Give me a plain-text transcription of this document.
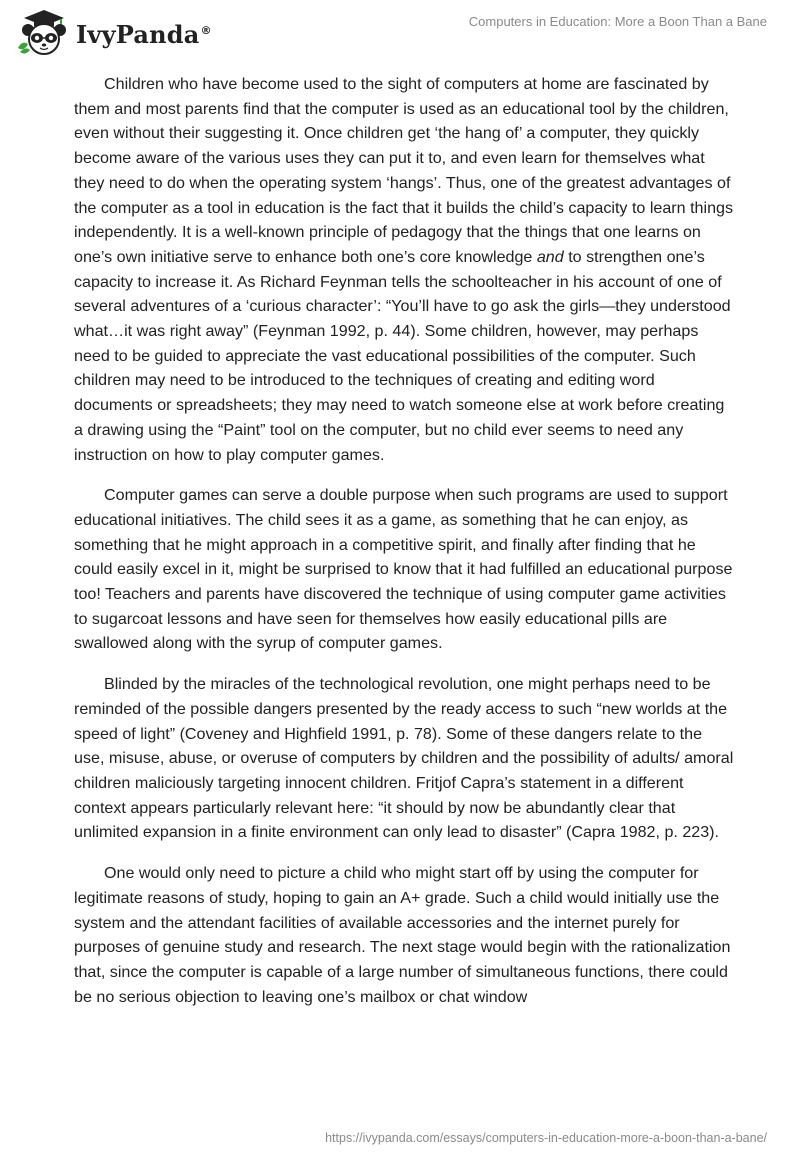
IvyPanda®
Computers in Education: More a Boon Than a Bane

Children who have become used to the sight of computers at home are fascinated by them and most parents find that the computer is used as an educational tool by the children, even without their suggesting it. Once children get ‘the hang of’ a computer, they quickly become aware of the various uses they can put it to, and even learn for themselves what they need to do when the operating system ‘hangs’. Thus, one of the greatest advantages of the computer as a tool in education is the fact that it builds the child’s capacity to learn things independently. It is a well-known principle of pedagogy that the things that one learns on one’s own initiative serve to enhance both one’s core knowledge and to strengthen one’s capacity to increase it. As Richard Feynman tells the schoolteacher in his account of one of several adventures of a ‘curious character’: “You’ll have to go ask the girls—they understood what…it was right away” (Feynman 1992, p. 44). Some children, however, may perhaps need to be guided to appreciate the vast educational possibilities of the computer. Such children may need to be introduced to the techniques of creating and editing word documents or spreadsheets; they may need to watch someone else at work before creating a drawing using the “Paint” tool on the computer, but no child ever seems to need any instruction on how to play computer games.

Computer games can serve a double purpose when such programs are used to support educational initiatives. The child sees it as a game, as something that he can enjoy, as something that he might approach in a competitive spirit, and finally after finding that he could easily excel in it, might be surprised to know that it had fulfilled an educational purpose too! Teachers and parents have discovered the technique of using computer game activities to sugarcoat lessons and have seen for themselves how easily educational pills are swallowed along with the syrup of computer games.

Blinded by the miracles of the technological revolution, one might perhaps need to be reminded of the possible dangers presented by the ready access to such “new worlds at the speed of light” (Coveney and Highfield 1991, p. 78). Some of these dangers relate to the use, misuse, abuse, or overuse of computers by children and the possibility of adults/ amoral children maliciously targeting innocent children. Fritjof Capra’s statement in a different context appears particularly relevant here: “it should by now be abundantly clear that unlimited expansion in a finite environment can only lead to disaster” (Capra 1982, p. 223).

One would only need to picture a child who might start off by using the computer for legitimate reasons of study, hoping to gain an A+ grade. Such a child would initially use the system and the attendant facilities of available accessories and the internet purely for purposes of genuine study and research. The next stage would begin with the rationalization that, since the computer is capable of a large number of simultaneous functions, there could be no serious objection to leaving one’s mailbox or chat window

https://ivypanda.com/essays/computers-in-education-more-a-boon-than-a-bane/
